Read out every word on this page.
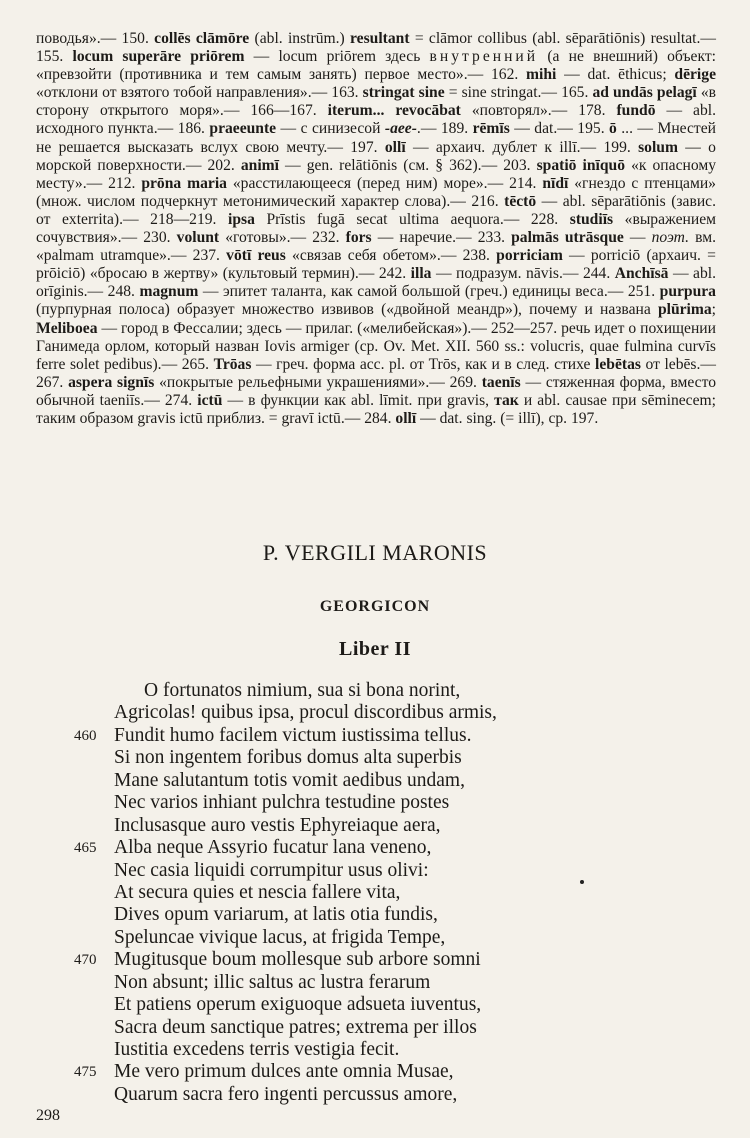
поводья».— 150. collēs clāmōre (abl. instrūm.) resultant = clāmor collibus (abl. sēparātiōnis) resultat.— 155. locum superāre priōrem — locum priōrem здесь внутренний (а не внешний) объект: «превзойти (противника и тем самым занять) первое место».— 162. mihi — dat. ēthicus; dērige «отклони от взятого тобой направления».— 163. stringat sine = sine stringat.— 165. ad undās pelagī «в сторону открытого моря».— 166—167. iterum... revocābat «повторял».— 178. fundō — abl. исходного пункта.— 186. praeeunte — с синизесой -aee-.— 189. rēmīs — dat.— 195. ō ... — Мнестей не решается высказать вслух свою мечту.— 197. ollī — архаич. дублет к illī.— 199. solum — о морской поверхности.— 202. animī — gen. relātiōnis (см. § 362).— 203. spatiō inīquō «к опасному месту».— 212. prōna maria «расстилающееся (перед ним) море».— 214. nīdī «гнездо с птенцами» (множ. числом подчеркнут метонимический характер слова).— 216. tēctō — abl. sēparātiōnis (завис. от exterrita).— 218—219. ipsa Prīstis fugā secat ultima aequora.— 228. studiīs «выражением сочувствия».— 230. volunt «готовы».— 232. fors — наречие.— 233. palmās utrāsque — поэт. вм. «palmam utramque».— 237. vōtī reus «связав себя обетом».— 238. porriciam — porriciō (архаич. = prōiciō) «бросаю в жертву» (культовый термин).— 242. illa — подразум. nāvis.— 244. Anchīsā — abl. orīginis.— 248. magnum — эпитет таланта, как самой большой (греч.) единицы веса.— 251. purpura (пурпурная полоса) образует множество извивов («двойной меандр»), почему и названа plūrima; Meliboea — город в Фессалии; здесь — прилаг. («мелибейская»).— 252—257. речь идет о похищении Ганимеда орлом, который назван Iovis armiger (ср. Ov. Met. XII. 560 ss.: volucris, quae fulmina curvīs ferre solet pedibus).— 265. Trōas — греч. форма acc. pl. от Trōs, как и в след. стихе lebētas от lebēs.— 267. aspera signīs «покрытые рельефными украшениями».— 269. taenīs — стяженная форма, вместо обычной taeniīs.— 274. ictū — в функции как abl. līmit. при gravis, так и abl. causae при sēminecem; таким образом gravis ictū приблиз. = gravī ictū.— 284. ollī — dat. sing. (= illī), ср. 197.

P. VERGILI MARONIS
GEORGICON
Liber II
O fortunatos nimium, sua si bona norint,
Agricolas! quibus ipsa, procul discordibus armis,
460 Fundit humo facilem victum iustissima tellus.
Si non ingentem foribus domus alta superbis
Mane salutantum totis vomit aedibus undam,
Nec varios inhiant pulchra testudine postes
Inclusasque auro vestis Ephyreiaque aera,
465 Alba neque Assyrio fucatur lana veneno,
Nec casia liquidi corrumpitur usus olivi:
At secura quies et nescia fallere vita,
Dives opum variarum, at latis otia fundis,
Speluncae vivique lacus, at frigida Tempe,
470 Mugitusque boum mollesque sub arbore somni
Non absunt; illic saltus ac lustra ferarum
Et patiens operum exiguoque adsueta iuventus,
Sacra deum sanctique patres; extrema per illos
Iustitia excedens terris vestigia fecit.
475 Me vero primum dulces ante omnia Musae,
Quarum sacra fero ingenti percussus amore,
298
